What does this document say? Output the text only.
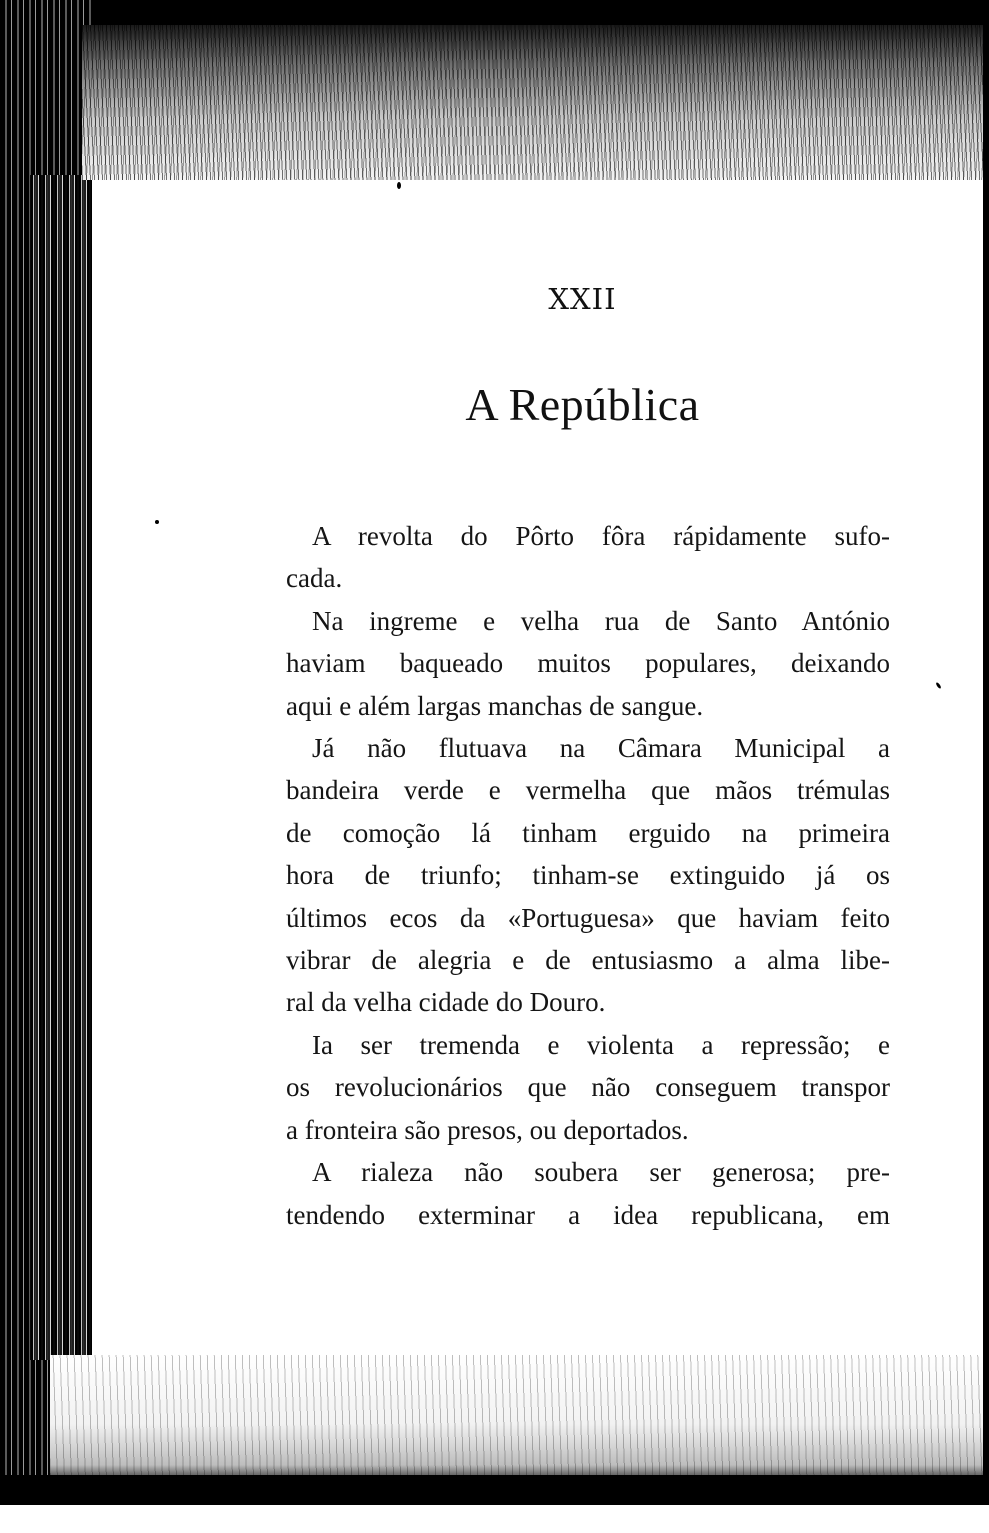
XXII
A República
A revolta do Pôrto fôra rápidamente sufo-
cada.
Na ingreme e velha rua de Santo António
haviam baqueado muitos populares, deixando
aqui e além largas manchas de sangue.
Já não flutuava na Câmara Municipal a
bandeira verde e vermelha que mãos trémulas
de comoção lá tinham erguido na primeira
hora de triunfo; tinham-se extinguido já os
últimos ecos da «Portuguesa» que haviam feito
vibrar de alegria e de entusiasmo a alma libe-
ral da velha cidade do Douro.
Ia ser tremenda e violenta a repressão; e
os revolucionários que não conseguem transpor
a fronteira são presos, ou deportados.
A rialeza não soubera ser generosa; pre-
tendendo exterminar a idea republicana, em
